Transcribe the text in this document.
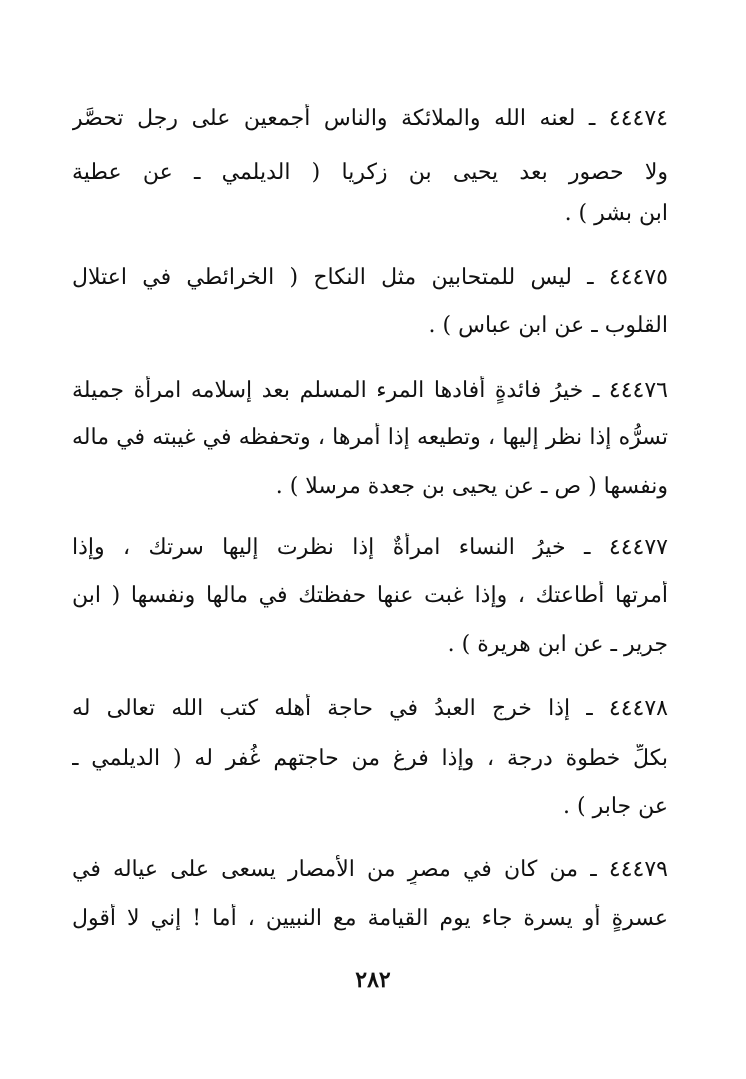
٤٤٤٧٤ ـ لعنه الله والملائكة والناس أجمعين على رجل تحصَّر
ولا حصور بعد يحيى بن زكريا ( الديلمي ـ عن عطية
ابن بشر ) .
٤٤٤٧٥ ـ ليس للمتحابين مثل النكاح ( الخرائطي في اعتلال
القلوب ـ عن ابن عباس ) .
٤٤٤٧٦ ـ خيرُ فائدةٍ أفادها المرء المسلم بعد إسلامه امرأة جميلة
تسرُّه إذا نظر إليها ، وتطيعه إذا أمرها ، وتحفظه في غيبته في ماله
ونفسها ( ص ـ عن يحيى بن جعدة مرسلا ) .
٤٤٤٧٧ ـ خيرُ النساء امرأةٌ إذا نظرت إليها سرتك ، وإذا
أمرتها أطاعتك ، وإذا غبت عنها حفظتك في مالها ونفسها ( ابن
جرير ـ عن ابن هريرة ) .
٤٤٤٧٨ ـ إذا خرج العبدُ في حاجة أهله كتب الله تعالى له
بكلِّ خطوة درجة ، وإذا فرغ من حاجتهم غُفر له ( الديلمي ـ
عن جابر ) .
٤٤٤٧٩ ـ من كان في مصرٍ من الأمصار يسعى على عياله في
عسرةٍ أو يسرة جاء يوم القيامة مع النبيين ، أما ! إني لا أقول
٢٨٢
